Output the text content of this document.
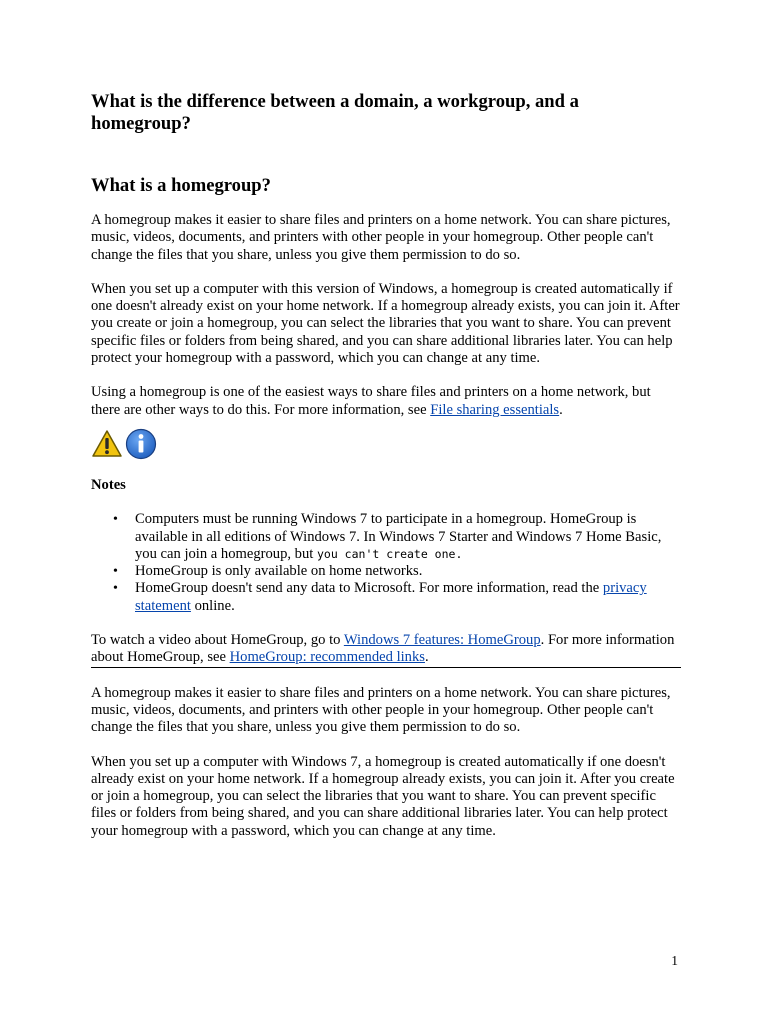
What is the difference between a domain, a workgroup, and a homegroup?
What is a homegroup?

A homegroup makes it easier to share files and printers on a home network. You can share pictures, music, videos, documents, and printers with other people in your homegroup. Other people can't change the files that you share, unless you give them permission to do so.

When you set up a computer with this version of Windows, a homegroup is created automatically if one doesn't already exist on your home network. If a homegroup already exists, you can join it. After you create or join a homegroup, you can select the libraries that you want to share. You can prevent specific files or folders from being shared, and you can share additional libraries later. You can help protect your homegroup with a password, which you can change at any time.

Using a homegroup is one of the easiest ways to share files and printers on a home network, but there are other ways to do this. For more information, see File sharing essentials.

Notes
• Computers must be running Windows 7 to participate in a homegroup. HomeGroup is available in all editions of Windows 7. In Windows 7 Starter and Windows 7 Home Basic, you can join a homegroup, but you can't create one.
• HomeGroup is only available on home networks.
• HomeGroup doesn't send any data to Microsoft. For more information, read the privacy statement online.

To watch a video about HomeGroup, go to Windows 7 features: HomeGroup. For more information about HomeGroup, see HomeGroup: recommended links.

A homegroup makes it easier to share files and printers on a home network. You can share pictures, music, videos, documents, and printers with other people in your homegroup. Other people can't change the files that you share, unless you give them permission to do so.

When you set up a computer with Windows 7, a homegroup is created automatically if one doesn't already exist on your home network. If a homegroup already exists, you can join it. After you create or join a homegroup, you can select the libraries that you want to share. You can prevent specific files or folders from being shared, and you can share additional libraries later. You can help protect your homegroup with a password, which you can change at any time.

1
